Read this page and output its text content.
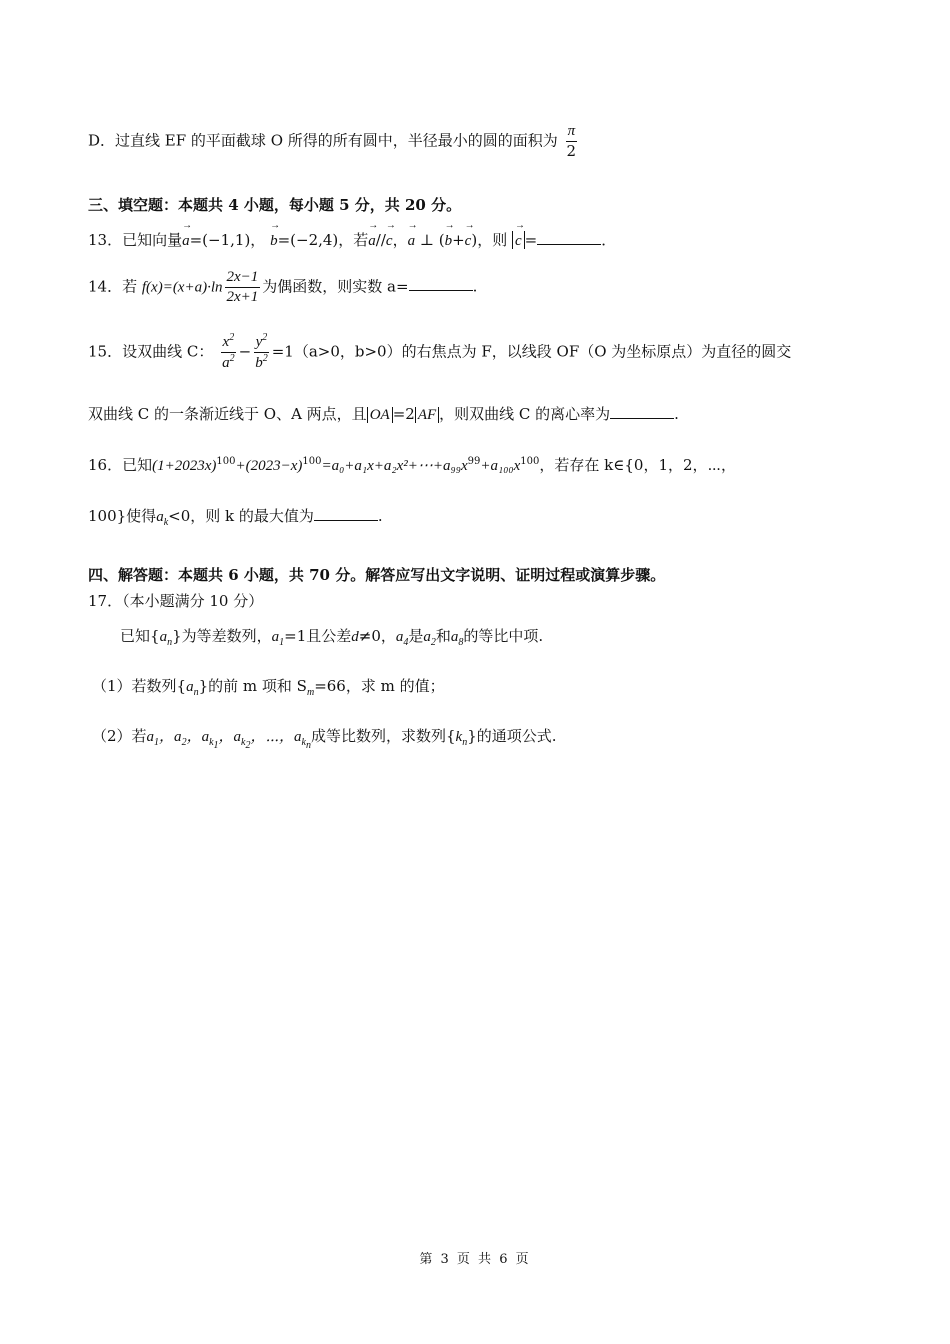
D．过直线 EF 的平面截球 O 所得的所有圆中，半径最小的圆的面积为 $\frac{\pi}{2}$
三、填空题：本题共 4 小题，每小题 5 分，共 20 分。
13．已知向量→ a=(−1,1)， → b=(−2,4)，若→ a//→ c，→ a ⊥ (→ b+→ c)，则 → c =	．
14．若 $f(x)=(x+a)\cdot\ln \frac{2x-1}{2x+1}$ 为偶函数，则实数 a=	.
15．设双曲线 C： $\frac{x^2}{a^2} - \frac{y^2}{b^2} =1(a>0$，b>0）的右焦点为 F，以线段 OF（O 为坐标原点）为直径的圆交
双曲线 C 的一条渐近线于 O、A 两点，且 OA =2 AF ，则双曲线 C 的离心率为	.
16．已知$(1+2023x)^{100}+(2023-x)^{100}=a_0+a_1x+a_2x^2+\cdots+a_{99}x^{99}+a_{100}x^{100}$，若存在 k∈{0，1，2，⋯，
100}使得$a_k<0$，则 k 的最大值为	.
四、解答题：本题共 6 小题，共 70 分。解答应写出文字说明、证明过程或演算步骤。
17．（本小题满分 10 分）
已知$\{a_n\}$为等差数列，$a_1=1$且公差d≠0，$a_4$是$a_2$和$a_8$的等比中项.
（1）若数列$\{a_n\}$的前 m 项和 $S_m=66$，求 m 的值；
（2）若$a_1$，$a_2$，$a_{k_1}$，$a_{k_2}$，⋯，$a_{k_n}$成等比数列，求数列$\{k_n\}$的通项公式.
第 3 页 共 6 页
